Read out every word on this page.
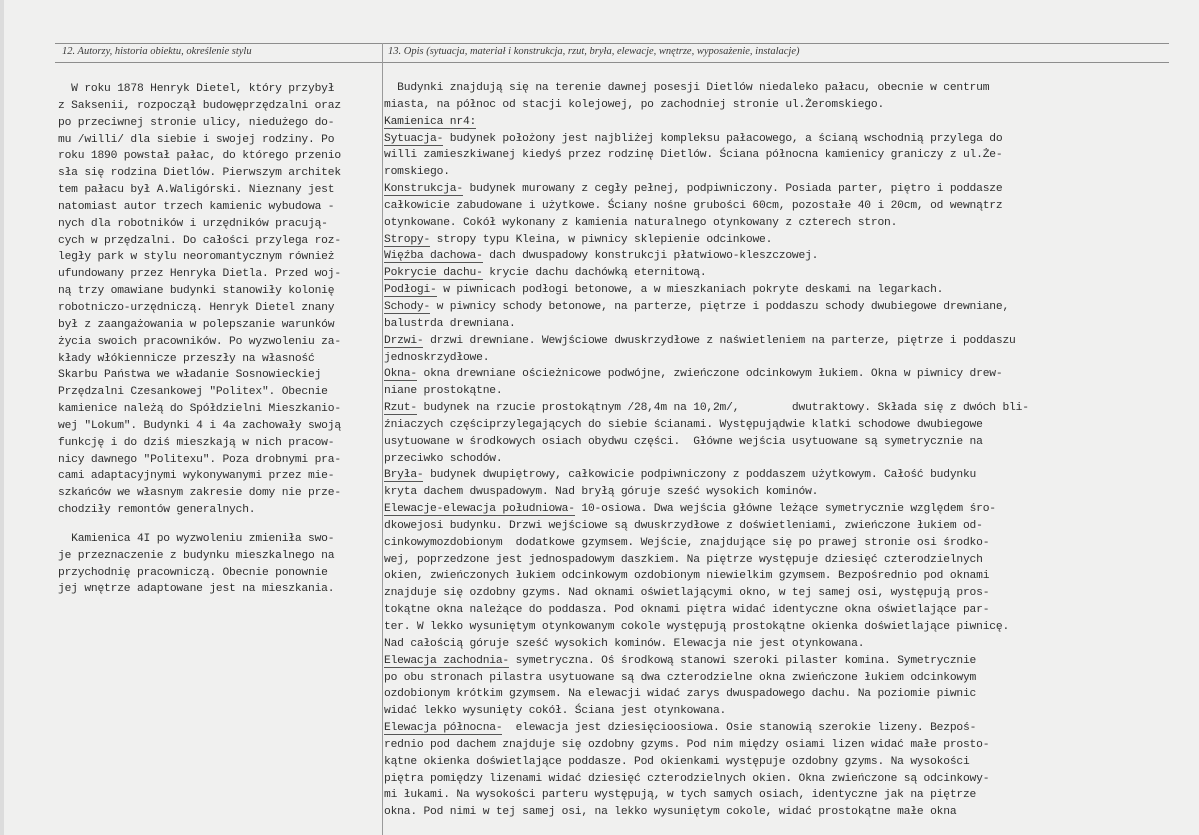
12. Autorzy, historia obiektu, określenie stylu	13. Opis (sytuacja, materiał i konstrukcja, rzut, bryła, elewacje, wnętrze, wyposażenie, instalacje)
W roku 1878 Henryk Dietel, który przybył
z Saksenii, rozpoczął budowęprzędzalni oraz
po przeciwnej stronie ulicy, niedużego do-
mu /willi/ dla siebie i swojej rodziny. Po
roku 1890 powstał pałac, do którego przenio
sła się rodzina Dietlów. Pierwszym architek
tem pałacu był A.Waligórski. Nieznany jest
natomiast autor trzech kamienic wybudowa -
nych dla robotników i urzędników pracują-
cych w przędzalni. Do całości przylega roz-
legły park w stylu neoromantycznym również
ufundowany przez Henryka Dietla. Przed woj-
ną trzy omawiane budynki stanowiły kolonię
robotniczo-urzędniczą. Henryk Dietel znany
był z zaangażowania w polepszanie warunków
życia swoich pracowników. Po wyzwoleniu za-
kłady włókiennicze przeszły na własność
Skarbu Państwa we władanie Sosnowieckiej
Przędzalni Czesankowej "Politex". Obecnie
kamienice należą do Spółdzielni Mieszkanio-
wej "Lokum". Budynki 4 i 4a zachowały swoją
funkcję i do dziś mieszkają w nich pracow-
nicy dawnego "Politexu". Poza drobnymi pra-
cami adaptacyjnymi wykonywanymi przez mie-
szkańców we własnym zakresie domy nie prze-
chodziły remontów generalnych.
Kamienica 4I po wyzwoleniu zmieniła swo-
je przeznaczenie z budynku mieszkalnego na
przychodnię pracowniczą. Obecnie ponownie
jej wnętrze adaptowane jest na mieszkania.
Budynki znajdują się na terenie dawnej posesji Dietlów niedaleko pałacu, obecnie w centrum
miasta, na północ od stacji kolejowej, po zachodniej stronie ul.Żeromskiego.
Kamienica nr4:
Sytuacja- budynek położony jest najbliżej kompleksu pałacowego, a ścianą wschodnią przylega do
willi zamieszkiwanej kiedyś przez rodzinę Dietlów. Ściana północna kamienicy graniczy z ul.Że-
romskiego.
Konstrukcja- budynek murowany z cegły pełnej, podpiwniczony. Posiada parter, piętro i poddasze
całkowicie zabudowane i użytkowe. Ściany nośne grubości 60cm, pozostałe 40 i 20cm, od wewnątrz
otynkowane. Cokół wykonany z kamienia naturalnego otynkowany z czterech stron.
Stropy- stropy typu Kleina, w piwnicy sklepienie odcinkowe.
Więźba dachowa- dach dwuspadowy konstrukcji płatwiowo-kleszczowej.
Pokrycie dachu- krycie dachu dachówką eternitową.
Podłogi- w piwnicach podłogi betonowe, a w mieszkaniach pokryte deskami na legarkach.
Schody- w piwnicy schody betonowe, na parterze, piętrze i poddaszu schody dwubiegowe drewniane,
balustrda drewniana.
Drzwi- drzwi drewniane. Wewjściowe dwuskrzydłowe z naświetleniem na parterze, piętrze i poddaszu
jednoskrzydłowe.
Okna- okna drewniane ościeżnicowe podwójne, zwieńczone odcinkowym łukiem. Okna w piwnicy drew-
niane prostokątne.
Rzut- budynek na rzucie prostokątnym /28,4m na 10,2m/,        dwutraktowy. Składa się z dwóch bli-
źniaczych częściprzylegających do siebie ścianami. Występujądwie klatki schodowe dwubiegowe
usytuowane w środkowych osiach obydwu części.  Główne wejścia usytuowane są symetrycznie na
przeciwko schodów.
Bryła- budynek dwupiętrowy, całkowicie podpiwniczony z poddaszem użytkowym. Całość budynku
kryta dachem dwuspadowym. Nad bryłą góruje sześć wysokich kominów.
Elewacje-elewacja południowa- 10-osiowa. Dwa wejścia główne leżące symetrycznie względem śro-
dkowejosi budynku. Drzwi wejściowe są dwuskrzydłowe z doświetleniami, zwieńczone łukiem od-
cinkowymozdobionym  dodatkowe gzymsem. Wejście, znajdujące się po prawej stronie osi środko-
wej, poprzedzone jest jednospadowym daszkiem. Na piętrze występuje dziesięć czterodzielnych
okien, zwieńczonych łukiem odcinkowym ozdobionym niewielkim gzymsem. Bezpośrednio pod oknami
znajduje się ozdobny gzyms. Nad oknami oświetlającymi okno, w tej samej osi, występują pros-
tokątne okna należące do poddasza. Pod oknami piętra widać identyczne okna oświetlające par-
ter. W lekko wysuniętym otynkowanym cokole występują prostokątne okienka doświetlające piwnicę.
Nad całością góruje sześć wysokich kominów. Elewacja nie jest otynkowana.
Elewacja zachodnia- symetryczna. Oś środkową stanowi szeroki pilaster komina. Symetrycznie
po obu stronach pilastra usytuowane są dwa czterodzielne okna zwieńczone łukiem odcinkowym
ozdobionym krótkim gzymsem. Na elewacji widać zarys dwuspadowego dachu. Na poziomie piwnic
widać lekko wysunięty cokół. Ściana jest otynkowana.
Elewacja północna-  elewacja jest dziesięcioosiowa. Osie stanowią szerokie lizeny. Bezpoś-
rednio pod dachem znajduje się ozdobny gzyms. Pod nim między osiami lizen widać małe prosto-
kątne okienka doświetlające poddasze. Pod okienkami występuje ozdobny gzyms. Na wysokości
piętra pomiędzy lizenami widać dziesięć czterodzielnych okien. Okna zwieńczone są odcinkowy-
mi łukami. Na wysokości parteru występują, w tych samych osiach, identyczne jak na piętrze
okna. Pod nimi w tej samej osi, na lekko wysuniętym cokole, widać prostokątne małe okna
